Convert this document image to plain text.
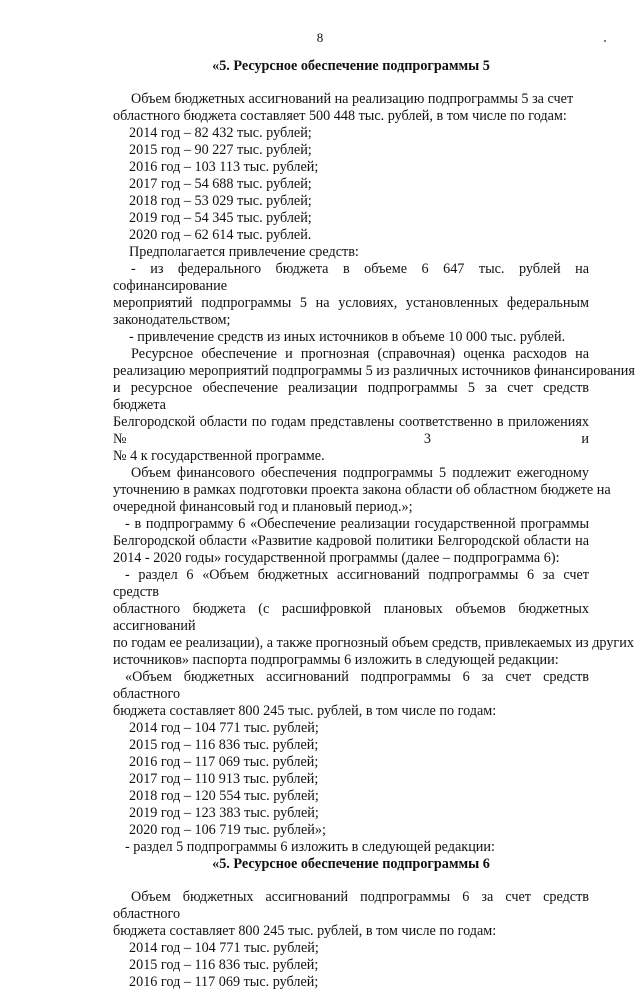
8
«5. Ресурсное обеспечение подпрограммы 5
Объем бюджетных ассигнований на реализацию подпрограммы 5 за счет
областного бюджета составляет 500 448 тыс. рублей, в том числе по годам:
2014 год – 82 432 тыс. рублей;
2015 год – 90 227 тыс. рублей;
2016 год – 103 113 тыс. рублей;
2017 год – 54 688 тыс. рублей;
2018 год – 53 029 тыс. рублей;
2019 год – 54 345 тыс. рублей;
2020 год – 62 614 тыс. рублей.
Предполагается привлечение средств:
- из федерального бюджета в объеме 6 647 тыс. рублей на софинансирование
мероприятий подпрограммы 5 на условиях, установленных федеральным
законодательством;
- привлечение средств из иных источников в объеме 10 000 тыс. рублей.
Ресурсное обеспечение и прогнозная (справочная) оценка расходов на
реализацию мероприятий подпрограммы 5 из различных источников финансирования
и ресурсное обеспечение реализации подпрограммы 5 за счет средств бюджета
Белгородской области по годам представлены соответственно в приложениях № 3 и
№ 4 к государственной программе.
Объем финансового обеспечения подпрограммы 5 подлежит ежегодному
уточнению в рамках подготовки проекта закона области об областном бюджете на
очередной финансовый год и плановый период.»;
- в подпрограмму 6 «Обеспечение реализации государственной программы
Белгородской области «Развитие кадровой политики Белгородской области на
2014 - 2020 годы» государственной программы (далее – подпрограмма 6):
- раздел 6 «Объем бюджетных ассигнований подпрограммы 6 за счет средств
областного бюджета (с расшифровкой плановых объемов бюджетных ассигнований
по годам ее реализации), а также прогнозный объем средств, привлекаемых из других
источников» паспорта подпрограммы 6 изложить в следующей редакции:
«Объем бюджетных ассигнований подпрограммы 6 за счет средств областного
бюджета составляет 800 245 тыс. рублей, в том числе по годам:
2014 год – 104 771 тыс. рублей;
2015 год – 116 836 тыс. рублей;
2016 год – 117 069 тыс. рублей;
2017 год – 110 913 тыс. рублей;
2018 год – 120 554 тыс. рублей;
2019 год – 123 383 тыс. рублей;
2020 год – 106 719 тыс. рублей»;
- раздел 5 подпрограммы 6 изложить в следующей редакции:
«5. Ресурсное обеспечение подпрограммы 6
Объем бюджетных ассигнований подпрограммы 6 за счет средств областного
бюджета составляет 800 245 тыс. рублей, в том числе по годам:
2014 год – 104 771 тыс. рублей;
2015 год – 116 836 тыс. рублей;
2016 год – 117 069 тыс. рублей;
